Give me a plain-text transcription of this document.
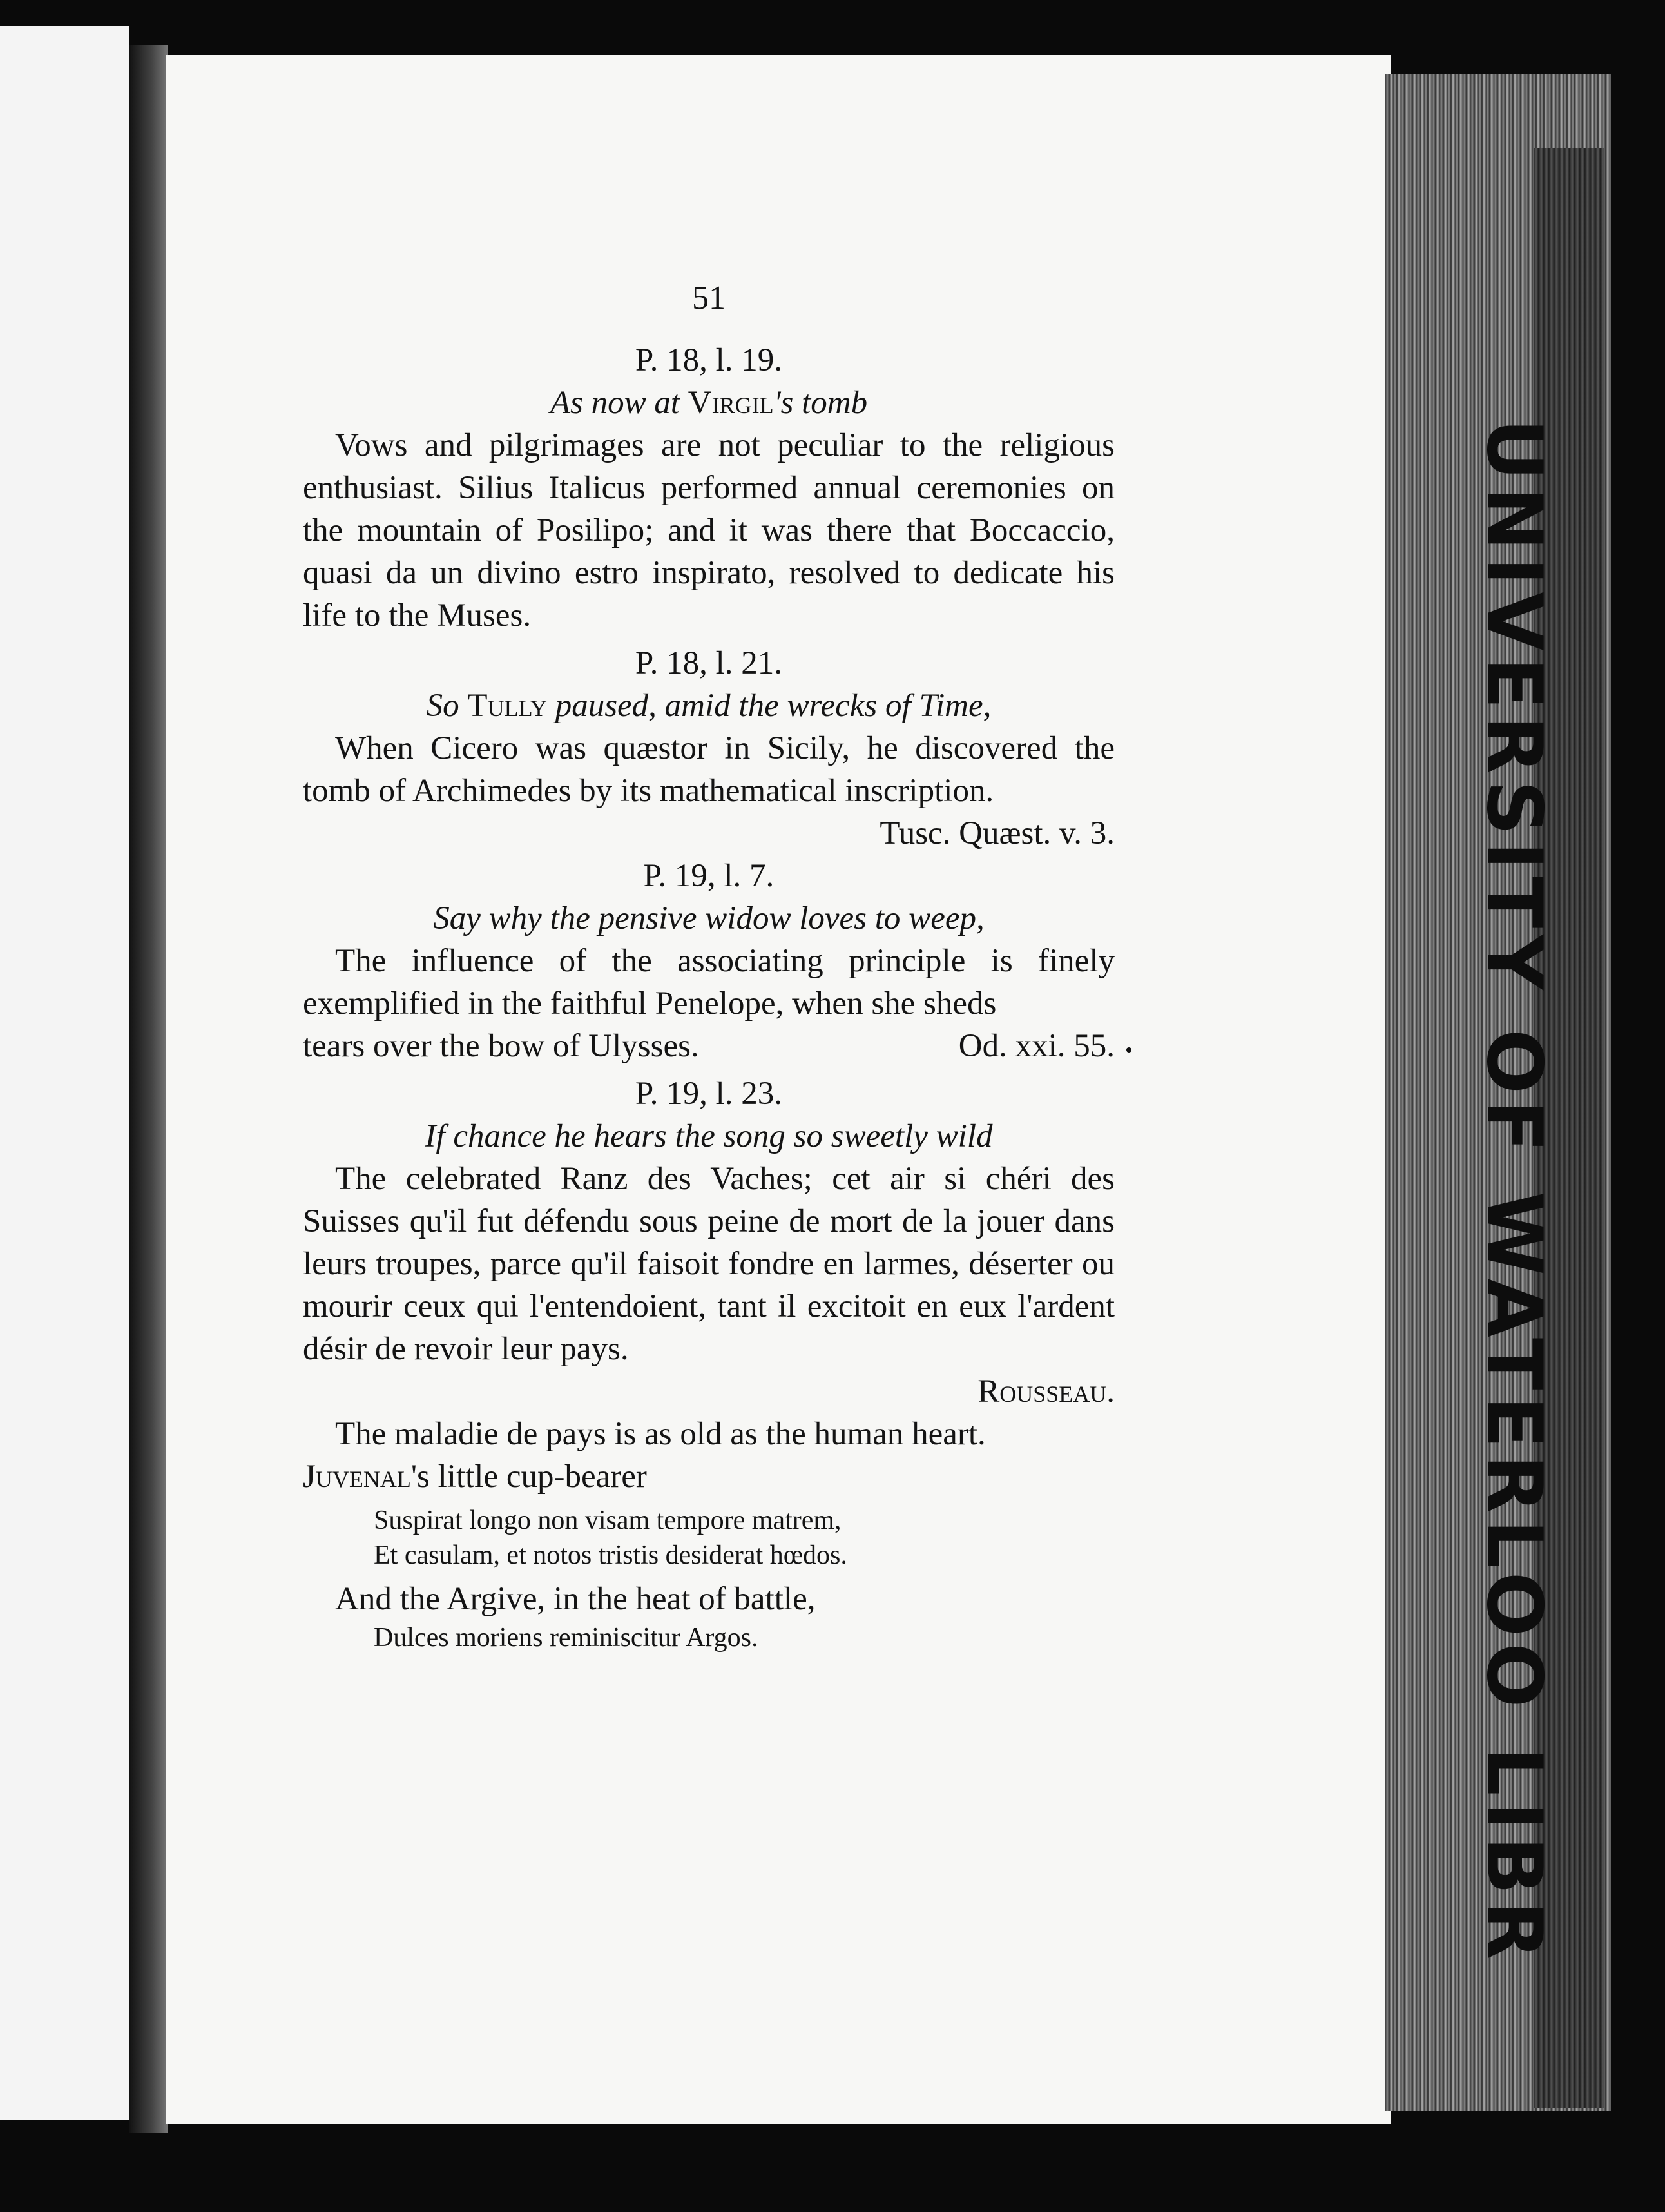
UNIVERSITY OF WATERLOO LIBR
51
P. 18, l. 19.
As now at Virgil's tomb
Vows and pilgrimages are not peculiar to the religious enthusiast. Silius Italicus performed annual ceremonies on the mountain of Posilipo; and it was there that Boccaccio, quasi da un divino estro inspirato, resolved to dedicate his life to the Muses.
P. 18, l. 21.
So Tully paused, amid the wrecks of Time,
When Cicero was quæstor in Sicily, he discovered the tomb of Archimedes by its mathematical inscription.
Tusc. Quæst. v. 3.
P. 19, l. 7.
Say why the pensive widow loves to weep,
The influence of the associating principle is finely exemplified in the faithful Penelope, when she sheds
tears over the bow of Ulysses.	Od. xxi. 55.
P. 19, l. 23.
If chance he hears the song so sweetly wild
The celebrated Ranz des Vaches; cet air si chéri des Suisses qu'il fut défendu sous peine de mort de la jouer dans leurs troupes, parce qu'il faisoit fondre en larmes, déserter ou mourir ceux qui l'entendoient, tant il excitoit en eux l'ardent désir de revoir leur pays.
Rousseau.
The maladie de pays is as old as the human heart.
Juvenal's little cup-bearer
Suspirat longo non visam tempore matrem,
Et casulam, et notos tristis desiderat hœdos.
And the Argive, in the heat of battle,
Dulces moriens reminiscitur Argos.
